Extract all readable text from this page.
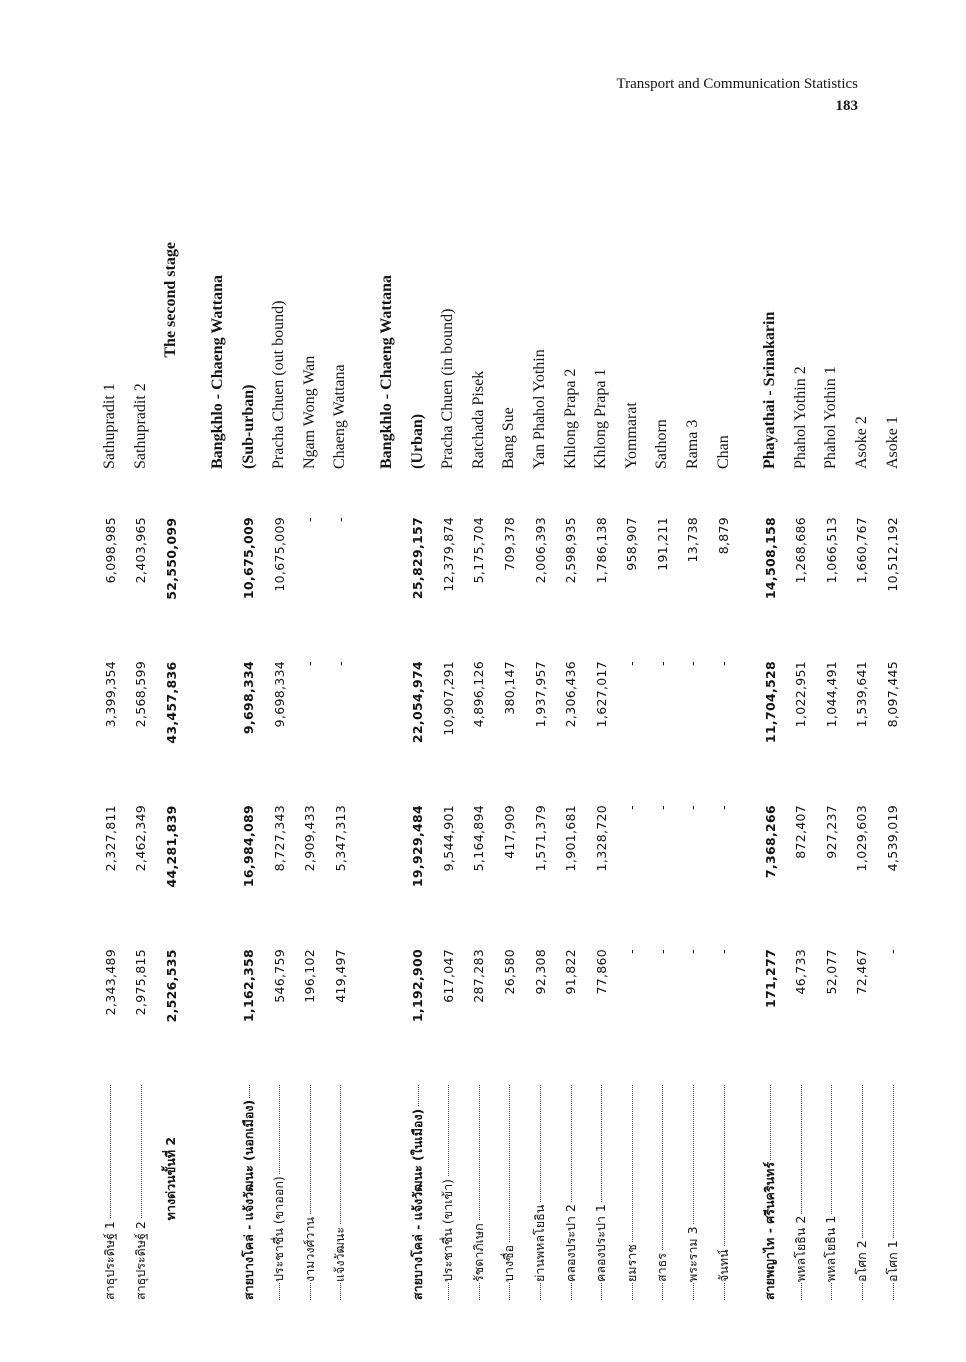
Transport and Communication Statistics
183
สาธุประดิษฐ์ 1
2,343,489
2,327,811
3,399,354
6,098,985
Sathupradit 1
สาธุประดิษฐ์ 2
2,975,815
2,462,349
2,568,599
2,403,965
Sathupradit 2
ทางด่วนขั้นที่ 2
2,526,535
44,281,839
43,457,836
52,550,099
The second stage Bangkhlo - Chaeng Wattana
สายบางโคล่ - แจ้งวัฒนะ (นอกเมือง)
1,162,358
16,984,089
9,698,334
10,675,009
(Sub-urban)
ประชาชื่น (ขาออก)
546,759
8,727,343
9,698,334
10,675,009
Pracha Chuen (out bound)
งามวงศ์วาน
196,102
2,909,433
-
-
Ngam Wong Wan
แจ้งวัฒนะ
419,497
5,347,313
-
-
Chaeng Wattana Bangkhlo - Chaeng Wattana
สายบางโคล่ - แจ้งวัฒนะ (ในเมือง)
1,192,900
19,929,484
22,054,974
25,829,157
(Urban)
ประชาชื่น (ขาเข้า)
617,047
9,544,901
10,907,291
12,379,874
Pracha Chuen (in bound)
รัชดาภิเษก
287,283
5,164,894
4,896,126
5,175,704
Ratchada Pisek
บางซื่อ
26,580
417,909
380,147
709,378
Bang Sue
ย่านพหลโยธิน
92,308
1,571,379
1,937,957
2,006,393
Yan Phahol Yothin
คลองประปา 2
91,822
1,901,681
2,306,436
2,598,935
Khlong Prapa 2
คลองประปา 1
77,860
1,328,720
1,627,017
1,786,138
Khlong Prapa 1
ยมราช
-
-
-
958,907
Yommarat
สาธร
-
-
-
191,211
Sathorn
พระราม 3
-
-
-
13,738
Rama 3
จันทน์
-
-
-
8,879
Chan
สายพญาไท - ศรีนครินทร์
171,277
7,368,266
11,704,528
14,508,158
Phayathai - Srinakarin
พหลโยธิน 2
46,733
872,407
1,022,951
1,268,686
Phahol Yothin 2
พหลโยธิน 1
52,077
927,237
1,044,491
1,066,513
Phahol Yothin 1
อโศก 2
72,467
1,029,603
1,539,641
1,660,767
Asoke 2
อโศก 1
-
4,539,019
8,097,445
10,512,192
Asoke 1
